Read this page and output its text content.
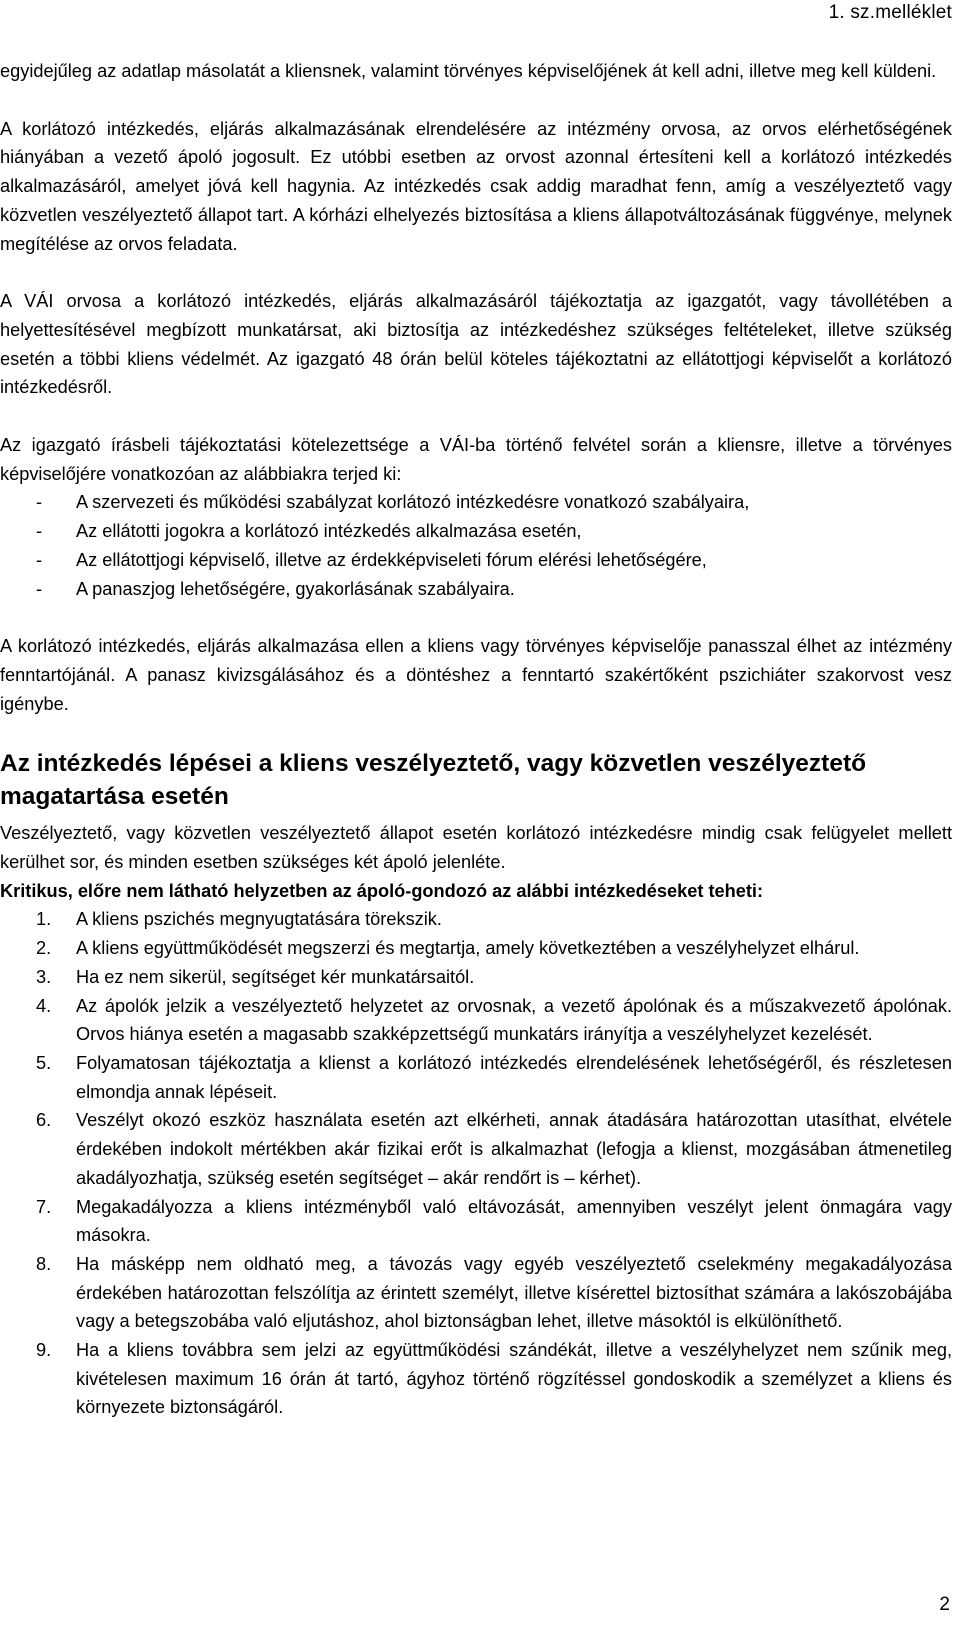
1. sz.melléklet

egyidejűleg az adatlap másolatát a kliensnek, valamint törvényes képviselőjének át kell adni, illetve meg kell küldeni.

A korlátozó intézkedés, eljárás alkalmazásának elrendelésére az intézmény orvosa, az orvos elérhetőségének hiányában a vezető ápoló jogosult. Ez utóbbi esetben az orvost azonnal értesíteni kell a korlátozó intézkedés alkalmazásáról, amelyet jóvá kell hagynia. Az intézkedés csak addig maradhat fenn, amíg a veszélyeztető vagy közvetlen veszélyeztető állapot tart. A kórházi elhelyezés biztosítása a kliens állapotváltozásának függvénye, melynek megítélése az orvos feladata.

A VÁI orvosa a korlátozó intézkedés, eljárás alkalmazásáról tájékoztatja az igazgatót, vagy távollétében a helyettesítésével megbízott munkatársat, aki biztosítja az intézkedéshez szükséges feltételeket, illetve szükség esetén a többi kliens védelmét. Az igazgató 48 órán belül köteles tájékoztatni az ellátottjogi képviselőt a korlátozó intézkedésről.

Az igazgató írásbeli tájékoztatási kötelezettsége a VÁI-ba történő felvétel során a kliensre, illetve a törvényes képviselőjére vonatkozóan az alábbiakra terjed ki:

- A szervezeti és működési szabályzat korlátozó intézkedésre vonatkozó szabályaira,
- Az ellátotti jogokra a korlátozó intézkedés alkalmazása esetén,
- Az ellátottjogi képviselő, illetve az érdekképviseleti fórum elérési lehetőségére,
- A panaszjog lehetőségére, gyakorlásának szabályaira.

A korlátozó intézkedés, eljárás alkalmazása ellen a kliens vagy törvényes képviselője panasszal élhet az intézmény fenntartójánál. A panasz kivizsgálásához és a döntéshez a fenntartó szakértőként pszichiáter szakorvost vesz igénybe.

Az intézkedés lépései a kliens veszélyeztető, vagy közvetlen veszélyeztető magatartása esetén

Veszélyeztető, vagy közvetlen veszélyeztető állapot esetén korlátozó intézkedésre mindig csak felügyelet mellett kerülhet sor, és minden esetben szükséges két ápoló jelenléte.

Kritikus, előre nem látható helyzetben az ápoló-gondozó az alábbi intézkedéseket teheti:

1. A kliens pszichés megnyugtatására törekszik.
2. A kliens együttműködését megszerzi és megtartja, amely következtében a veszélyhelyzet elhárul.
3. Ha ez nem sikerül, segítséget kér munkatársaitól.
4. Az ápolók jelzik a veszélyeztető helyzetet az orvosnak, a vezető ápolónak és a műszakvezető ápolónak. Orvos hiánya esetén a magasabb szakképzettségű munkatárs irányítja a veszélyhelyzet kezelését.
5. Folyamatosan tájékoztatja a klienst a korlátozó intézkedés elrendelésének lehetőségéről, és részletesen elmondja annak lépéseit.
6. Veszélyt okozó eszköz használata esetén azt elkérheti, annak átadására határozottan utasíthat, elvétele érdekében indokolt mértékben akár fizikai erőt is alkalmazhat (lefogja a klienst, mozgásában átmenetileg akadályozhatja, szükség esetén segítséget – akár rendőrt is – kérhet).
7. Megakadályozza a kliens intézményből való eltávozását, amennyiben veszélyt jelent önmagára vagy másokra.
8. Ha másképp nem oldható meg, a távozás vagy egyéb veszélyeztető cselekmény megakadályozása érdekében határozottan felszólítja az érintett személyt, illetve kísérettel biztosíthat számára a lakószobájába vagy a betegszobába való eljutáshoz, ahol biztonságban lehet, illetve másoktól is elkülöníthető.
9. Ha a kliens továbbra sem jelzi az együttműködési szándékát, illetve a veszélyhelyzet nem szűnik meg, kivételesen maximum 16 órán át tartó, ágyhoz történő rögzítéssel gondoskodik a személyzet a kliens és környezete biztonságáról.
2
